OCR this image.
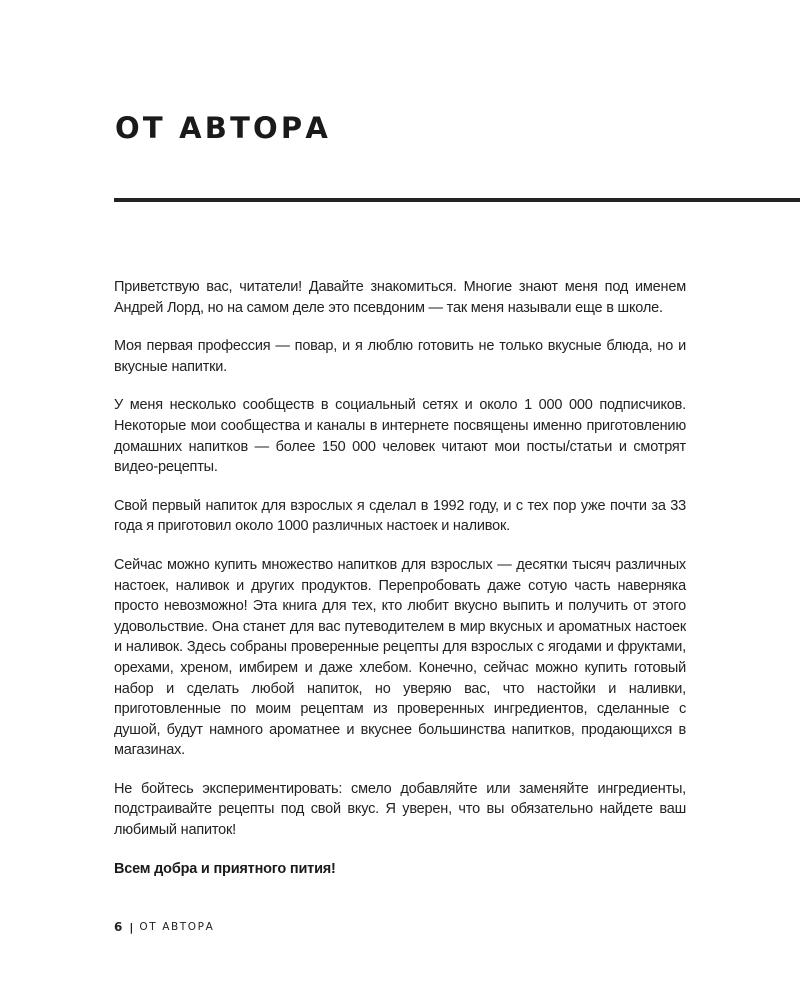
ОТ АВТОРА

Приветствую вас, читатели! Давайте знакомиться. Многие знают меня под именем Андрей Лорд, но на самом деле это псевдоним — так меня называли еще в школе.

Моя первая профессия — повар, и я люблю готовить не только вкусные блюда, но и вкусные напитки.

У меня несколько сообществ в социальный сетях и около 1 000 000 подписчиков. Некоторые мои сообщества и каналы в интернете посвящены именно приготовлению домашних напитков — более 150 000 человек читают мои посты/статьи и смотрят видео-рецепты.

Свой первый напиток для взрослых я сделал в 1992 году, и с тех пор уже почти за 33 года я приготовил около 1000 различных настоек и наливок.

Сейчас можно купить множество напитков для взрослых — десятки тысяч различных настоек, наливок и других продуктов. Перепробовать даже сотую часть наверняка просто невозможно! Эта книга для тех, кто любит вкусно выпить и получить от этого удовольствие. Она станет для вас путеводителем в мир вкусных и ароматных настоек и наливок. Здесь собраны проверенные рецепты для взрослых с ягодами и фруктами, орехами, хреном, имбирем и даже хлебом. Конечно, сейчас можно купить готовый набор и сделать любой напиток, но уверяю вас, что настойки и наливки, приготовленные по моим рецептам из проверенных ингредиентов, сделанные с душой, будут намного ароматнее и вкуснее большинства напитков, продающихся в магазинах.

Не бойтесь экспериментировать: смело добавляйте или заменяйте ингредиенты, подстраивайте рецепты под свой вкус. Я уверен, что вы обязательно найдете ваш любимый напиток!

Всем добра и приятного пития!

6 | ОТ АВТОРА
